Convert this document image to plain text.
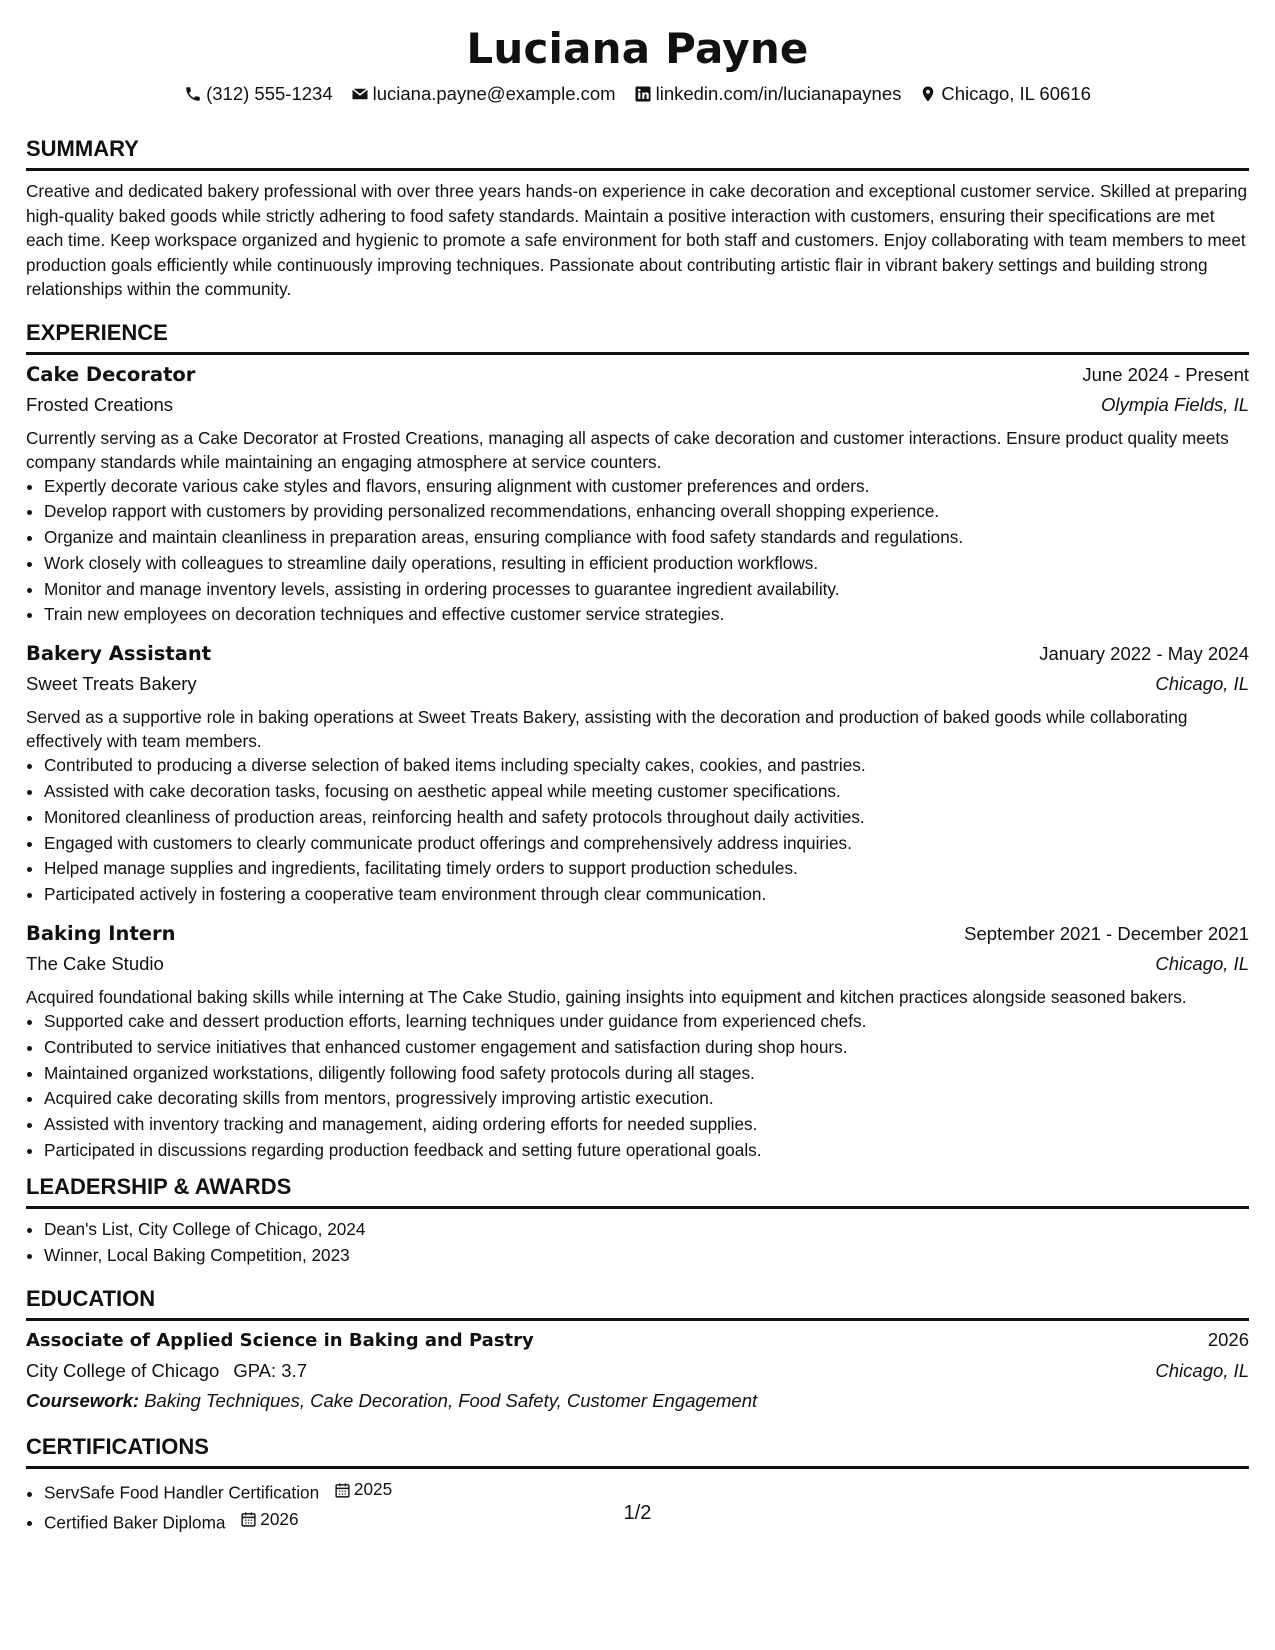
Luciana Payne
(312) 555-1234 luciana.payne@example.com linkedin.com/in/lucianapaynes Chicago, IL 60616
SUMMARY

Creative and dedicated bakery professional with over three years hands-on experience in cake decoration and exceptional customer service. Skilled at preparing high-quality baked goods while strictly adhering to food safety standards. Maintain a positive interaction with customers, ensuring their specifications are met each time. Keep workspace organized and hygienic to promote a safe environment for both staff and customers. Enjoy collaborating with team members to meet production goals efficiently while continuously improving techniques. Passionate about contributing artistic flair in vibrant bakery settings and building strong relationships within the community.

EXPERIENCE
Cake Decorator	June 2024 - Present
Frosted Creations	Olympia Fields, IL

Currently serving as a Cake Decorator at Frosted Creations, managing all aspects of cake decoration and customer interactions. Ensure product quality meets company standards while maintaining an engaging atmosphere at service counters.

• Expertly decorate various cake styles and flavors, ensuring alignment with customer preferences and orders.
• Develop rapport with customers by providing personalized recommendations, enhancing overall shopping experience.
• Organize and maintain cleanliness in preparation areas, ensuring compliance with food safety standards and regulations.
• Work closely with colleagues to streamline daily operations, resulting in efficient production workflows.
• Monitor and manage inventory levels, assisting in ordering processes to guarantee ingredient availability.
• Train new employees on decoration techniques and effective customer service strategies.
Bakery Assistant	January 2022 - May 2024
Sweet Treats Bakery	Chicago, IL

Served as a supportive role in baking operations at Sweet Treats Bakery, assisting with the decoration and production of baked goods while collaborating effectively with team members.

• Contributed to producing a diverse selection of baked items including specialty cakes, cookies, and pastries.
• Assisted with cake decoration tasks, focusing on aesthetic appeal while meeting customer specifications.
• Monitored cleanliness of production areas, reinforcing health and safety protocols throughout daily activities.
• Engaged with customers to clearly communicate product offerings and comprehensively address inquiries.
• Helped manage supplies and ingredients, facilitating timely orders to support production schedules.
• Participated actively in fostering a cooperative team environment through clear communication.
Baking Intern	September 2021 - December 2021
The Cake Studio	Chicago, IL

Acquired foundational baking skills while interning at The Cake Studio, gaining insights into equipment and kitchen practices alongside seasoned bakers.

• Supported cake and dessert production efforts, learning techniques under guidance from experienced chefs.
• Contributed to service initiatives that enhanced customer engagement and satisfaction during shop hours.
• Maintained organized workstations, diligently following food safety protocols during all stages.
• Acquired cake decorating skills from mentors, progressively improving artistic execution.
• Assisted with inventory tracking and management, aiding ordering efforts for needed supplies.
• Participated in discussions regarding production feedback and setting future operational goals.
LEADERSHIP & AWARDS
• Dean's List, City College of Chicago, 2024
• Winner, Local Baking Competition, 2023
EDUCATION
Associate of Applied Science in Baking and Pastry	2026
City College of Chicago GPA: 3.7	Chicago, IL
Coursework: Baking Techniques, Cake Decoration, Food Safety, Customer Engagement
CERTIFICATIONS
• ServSafe Food Handler Certification 2025
• Certified Baker Diploma 2026	1/2
